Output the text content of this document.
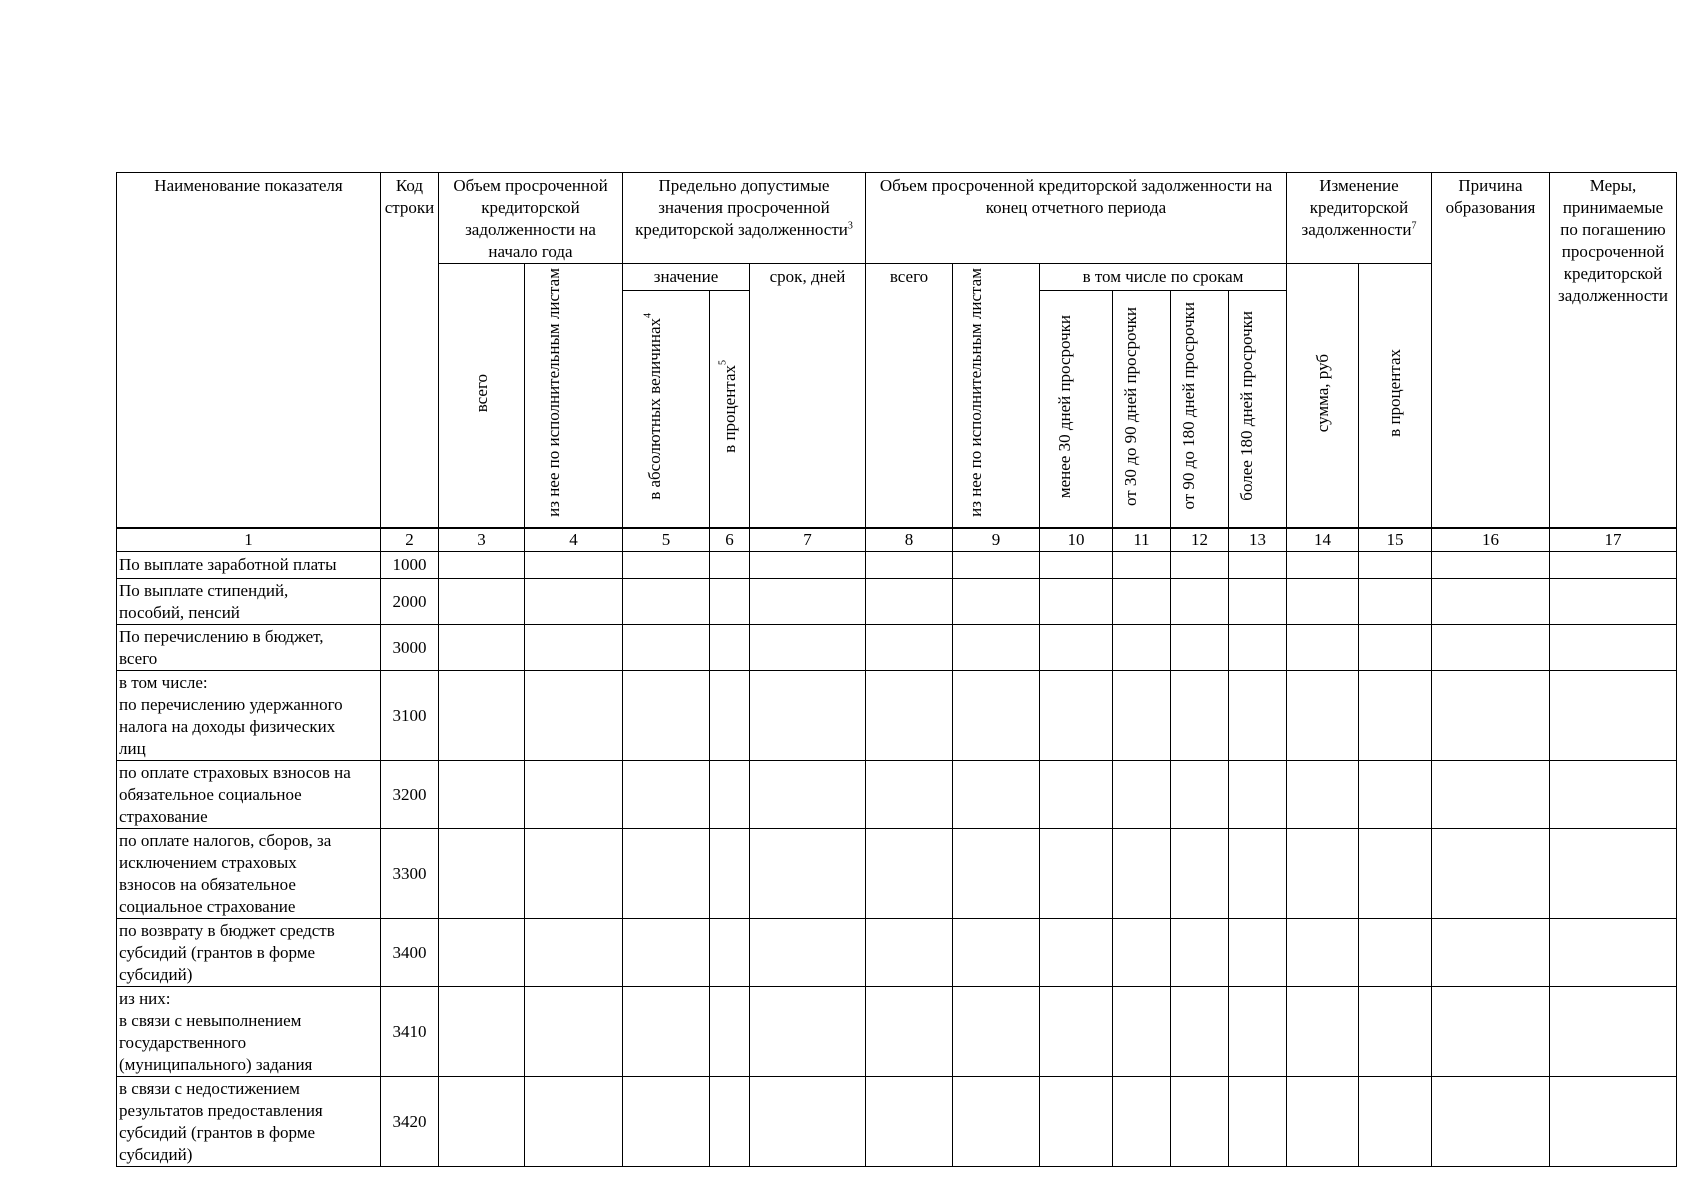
Наименование показателя	Код строки	Объем просроченной кредиторской задолженности на начало года		Предельно допустимые значения просроченной кредиторской задолженности$^3$			Объем просроченной кредиторской задолженности на конец отчетного периода						Изменение кредиторской задолженности$^7$		Причина образования	Меры, принимаемые по погашению просроченной кредиторской задолженности
		всего	из нее по исполнительным листам	значение		срок, дней	всего	из нее по исполнительным листам	в том числе по срокам				сумма, руб	в процентах		
				в абсолютных величинах$^4$	в процентах$^5$				менее 30 дней просрочки	от 30 до 90 дней просрочки	от 90 до 180 дней просрочки	более 180 дней просрочки				
1	2	3	4	5	6	7	8	9	10	11	12	13	14	15	16	17
По выплате заработной платы	1000															
По выплате стипендий,
пособий, пенсий	2000															
По перечислению в бюджет,
всего	3000															
в том числе:
по перечислению удержанного
налога на доходы физических
лиц	3100															
по оплате страховых взносов на
обязательное социальное
страхование	3200															
по оплате налогов, сборов, за
исключением страховых
взносов на обязательное
социальное страхование	3300															
по возврату в бюджет средств
субсидий (грантов в форме
субсидий)	3400															
из них:
в связи с невыполнением
государственного
(муниципального) задания	3410															
в связи с недостижением
результатов предоставления
субсидий (грантов в форме
субсидий)	3420															
